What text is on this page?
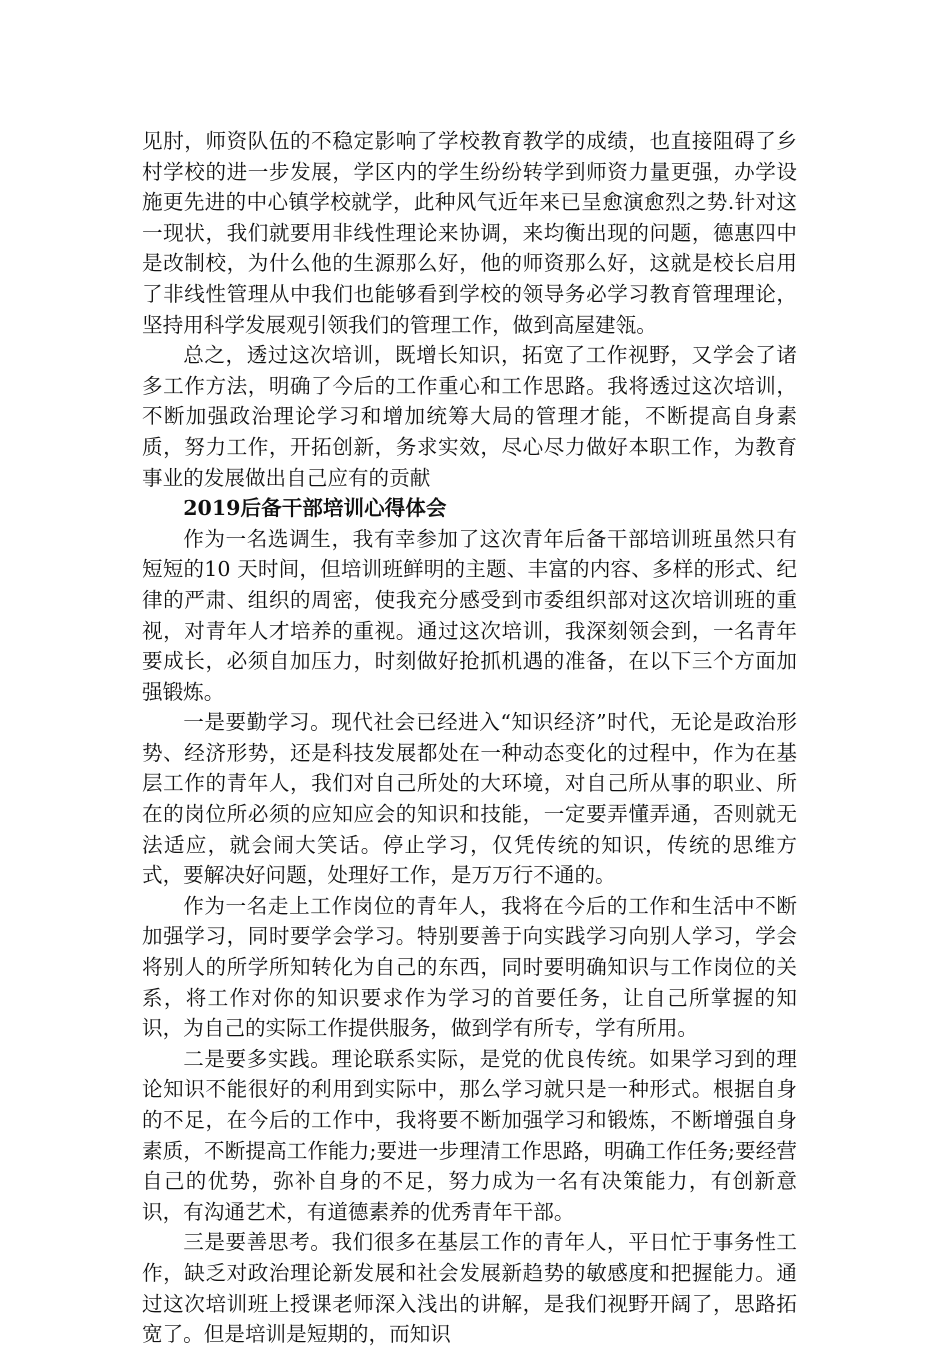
见肘，师资队伍的不稳定影响了学校教育教学的成绩，也直接阻碍了乡村学校的进一步发展，学区内的学生纷纷转学到师资力量更强，办学设施更先进的中心镇学校就学，此种风气近年来已呈愈演愈烈之势.针对这一现状，我们就要用非线性理论来协调，来均衡出现的问题，德惠四中是改制校，为什么他的生源那么好，他的师资那么好，这就是校长启用了非线性管理从中我们也能够看到学校的领导务必学习教育管理理论，坚持用科学发展观引领我们的管理工作，做到高屋建瓴。

总之，透过这次培训，既增长知识，拓宽了工作视野，又学会了诸多工作方法，明确了今后的工作重心和工作思路。我将透过这次培训，不断加强政治理论学习和增加统筹大局的管理才能，不断提高自身素质，努力工作，开拓创新，务求实效，尽心尽力做好本职工作，为教育事业的发展做出自己应有的贡献

2019后备干部培训心得体会

作为一名选调生，我有幸参加了这次青年后备干部培训班虽然只有短短的10 天时间，但培训班鲜明的主题、丰富的内容、多样的形式、纪律的严肃、组织的周密，使我充分感受到市委组织部对这次培训班的重视，对青年人才培养的重视。通过这次培训，我深刻领会到，一名青年要成长，必须自加压力，时刻做好抢抓机遇的准备，在以下三个方面加强锻炼。

一是要勤学习。现代社会已经进入“知识经济”时代，无论是政治形势、经济形势，还是科技发展都处在一种动态变化的过程中，作为在基层工作的青年人，我们对自己所处的大环境，对自己所从事的职业、所在的岗位所必须的应知应会的知识和技能，一定要弄懂弄通，否则就无法适应，就会闹大笑话。停止学习，仅凭传统的知识，传统的思维方式，要解决好问题，处理好工作，是万万行不通的。

作为一名走上工作岗位的青年人，我将在今后的工作和生活中不断加强学习，同时要学会学习。特别要善于向实践学习向别人学习，学会将别人的所学所知转化为自己的东西，同时要明确知识与工作岗位的关系，将工作对你的知识要求作为学习的首要任务，让自己所掌握的知识，为自己的实际工作提供服务，做到学有所专，学有所用。

二是要多实践。理论联系实际，是党的优良传统。如果学习到的理论知识不能很好的利用到实际中，那么学习就只是一种形式。根据自身的不足，在今后的工作中，我将要不断加强学习和锻炼，不断增强自身素质，不断提高工作能力;要进一步理清工作思路，明确工作任务;要经营自己的优势，弥补自身的不足，努力成为一名有决策能力，有创新意识，有沟通艺术，有道德素养的优秀青年干部。

三是要善思考。我们很多在基层工作的青年人，平日忙于事务性工作，缺乏对政治理论新发展和社会发展新趋势的敏感度和把握能力。通过这次培训班上授课老师深入浅出的讲解，是我们视野开阔了，思路拓宽了。但是培训是短期的，而知识
